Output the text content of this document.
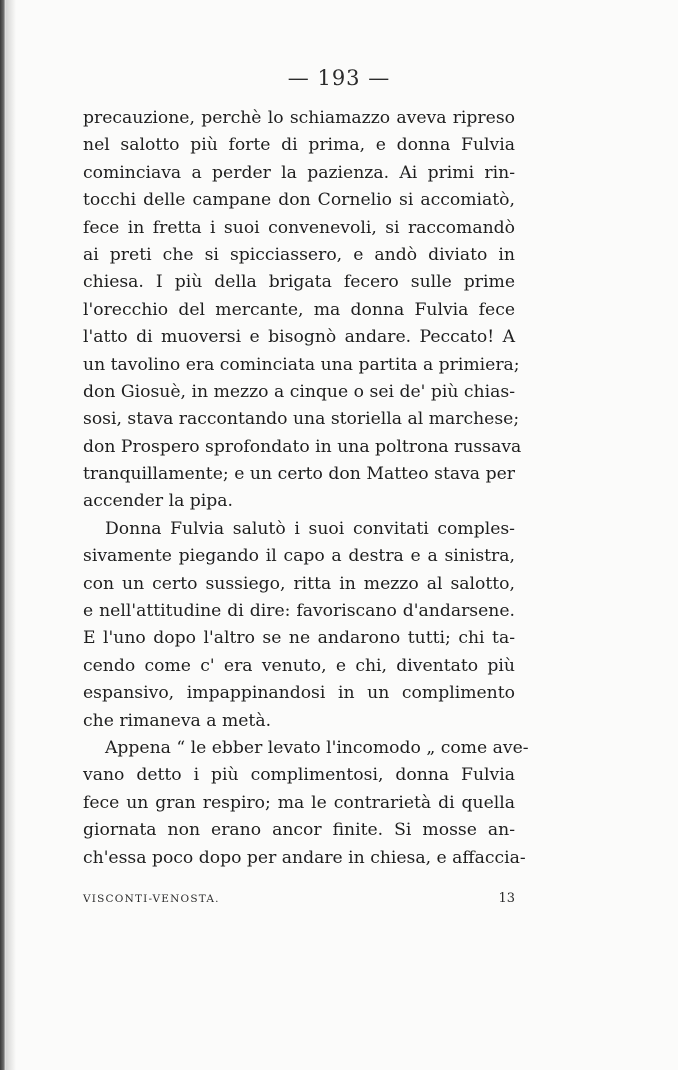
— 193 —

precauzione, perchè lo schiamazzo aveva ripreso
nel salotto più forte di prima, e donna Fulvia
cominciava a perder la pazienza. Ai primi rin-
tocchi delle campane don Cornelio si accomiatò,
fece in fretta i suoi convenevoli, si raccomandò
ai preti che si spicciassero, e andò diviato in
chiesa. I più della brigata fecero sulle prime
l'orecchio del mercante, ma donna Fulvia fece
l'atto di muoversi e bisognò andare. Peccato! A
un tavolino era cominciata una partita a primiera;
don Giosuè, in mezzo a cinque o sei de' più chias-
sosi, stava raccontando una storiella al marchese;
don Prospero sprofondato in una poltrona russava
tranquillamente; e un certo don Matteo stava per
accender la pipa.
Donna Fulvia salutò i suoi convitati comples-
sivamente piegando il capo a destra e a sinistra,
con un certo sussiego, ritta in mezzo al salotto,
e nell'attitudine di dire: favoriscano d'andarsene.
E l'uno dopo l'altro se ne andarono tutti; chi ta-
cendo come c' era venuto, e chi, diventato più
espansivo, impappinandosi in un complimento
che rimaneva a metà.
Appena “ le ebber levato l'incomodo „ come ave-
vano detto i più complimentosi, donna Fulvia
fece un gran respiro; ma le contrarietà di quella
giornata non erano ancor finite. Si mosse an-
ch'essa poco dopo per andare in chiesa, e affaccia-
VISCONTI-VENOSTA.	13
